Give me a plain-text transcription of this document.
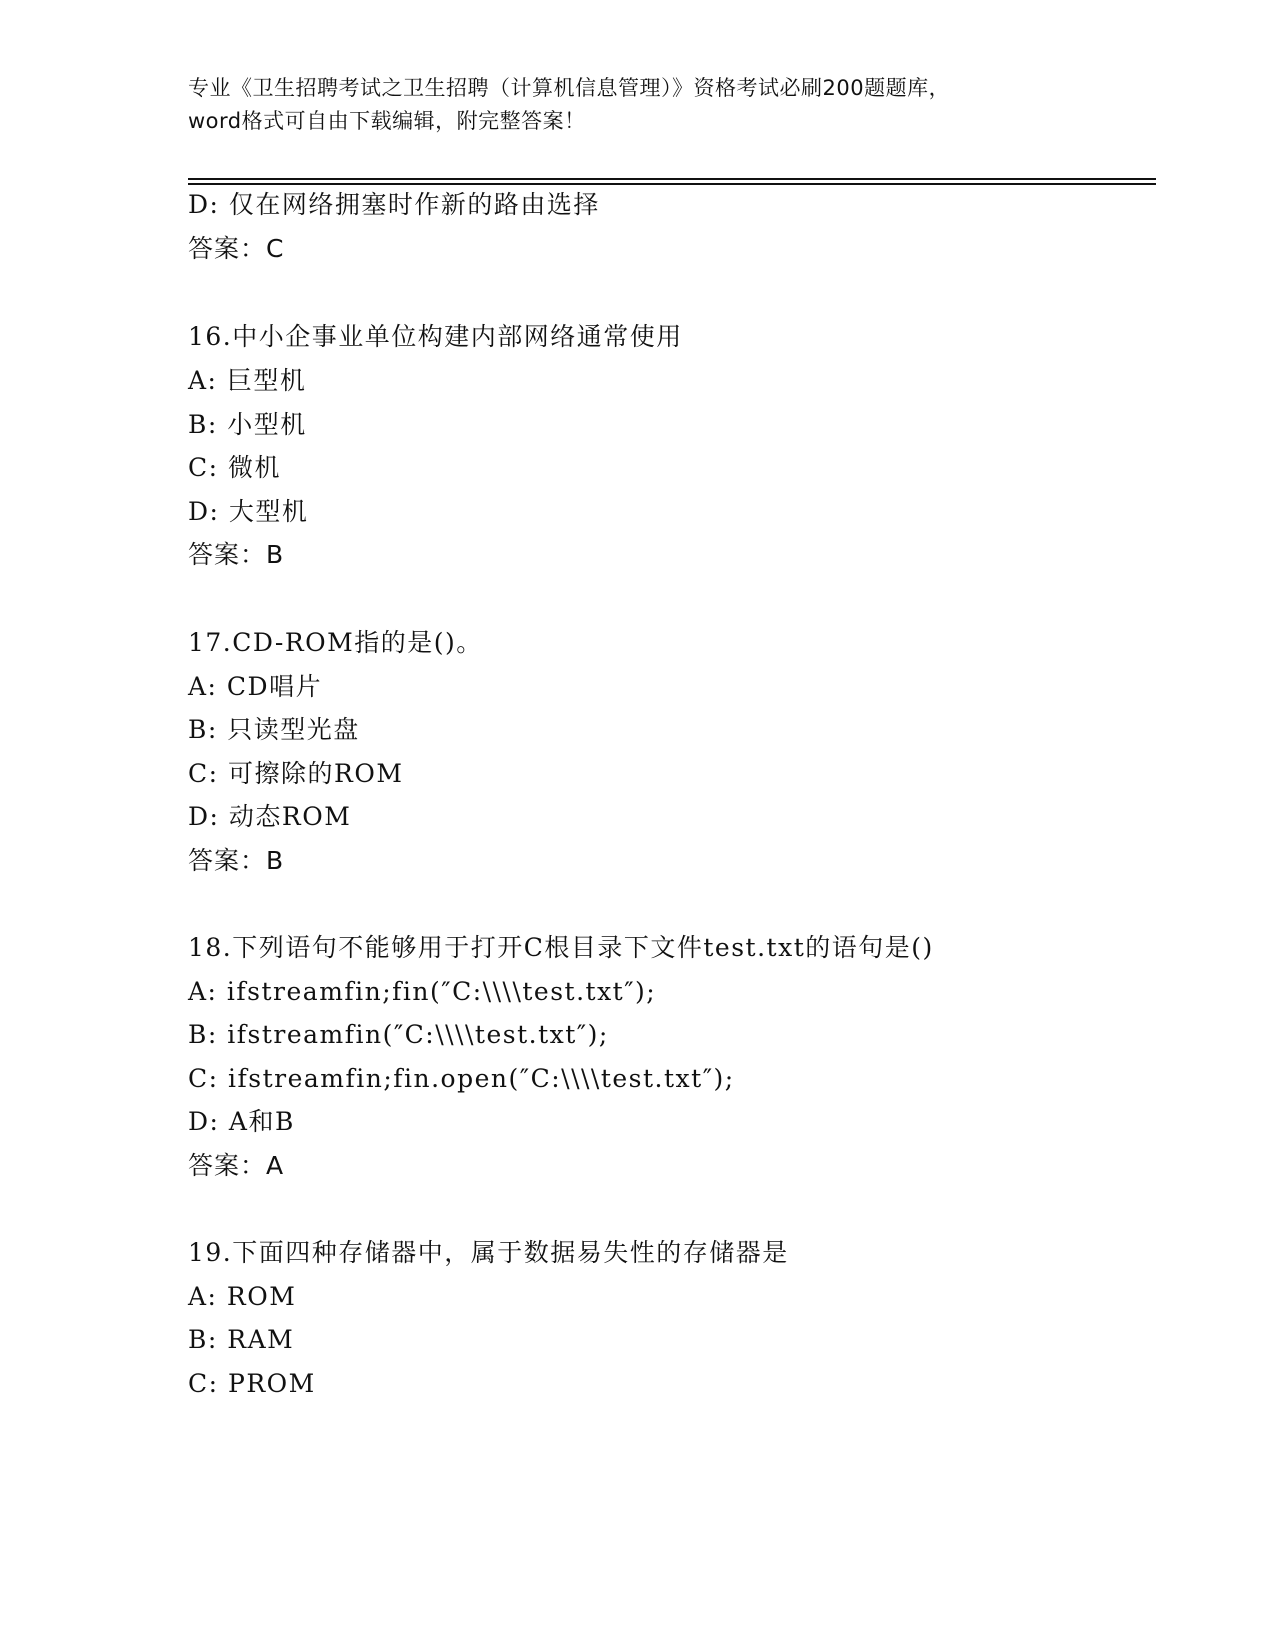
专业《卫生招聘考试之卫生招聘（计算机信息管理）》资格考试必刷200题题库，
word格式可自由下载编辑，附完整答案！
D: 仅在网络拥塞时作新的路由选择
答案：C
16.中小企事业单位构建内部网络通常使用
A: 巨型机
B: 小型机
C: 微机
D: 大型机
答案：B
17.CD-ROM指的是()。
A: CD唱片
B: 只读型光盘
C: 可擦除的ROM
D: 动态ROM
答案：B
18.下列语句不能够用于打开C根目录下文件test.txt的语句是()
A: ifstreamfin;fin(″C:\\\\test.txt″);
B: ifstreamfin(″C:\\\\test.txt″);
C: ifstreamfin;fin.open(″C:\\\\test.txt″);
D: A和B
答案：A
19.下面四种存储器中，属于数据易失性的存储器是
A: ROM
B: RAM
C: PROM
